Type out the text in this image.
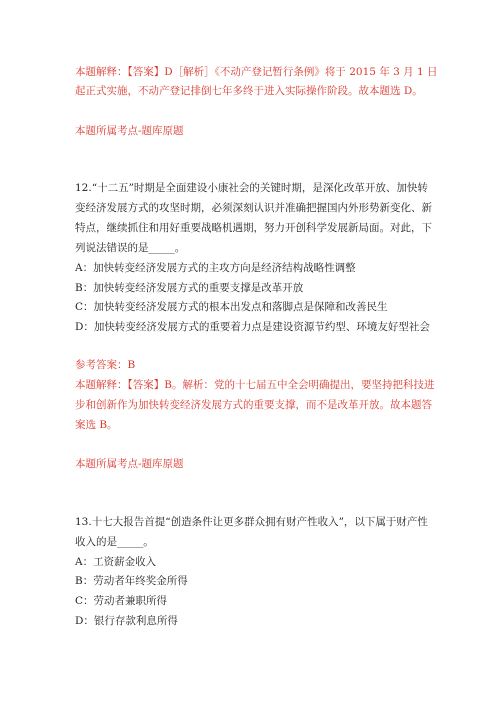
本题解释：【答案】D［解析］《不动产登记暂行条例》将于 2015 年 3 月 1 日
起正式实施，不动产登记排倒七年多终于进入实际操作阶段。故本题选 D。
本题所属考点-题库原题
12.“十二五”时期是全面建设小康社会的关键时期，是深化改革开放、加快转
变经济发展方式的攻坚时期，必须深刻认识并准确把握国内外形势新变化、新
特点，继续抓住和用好重要战略机遇期，努力开创科学发展新局面。对此，下
列说法错误的是_____。
A：加快转变经济发展方式的主攻方向是经济结构战略性调整
B：加快转变经济发展方式的重要支撑是改革开放
C：加快转变经济发展方式的根本出发点和落脚点是保障和改善民生
D：加快转变经济发展方式的重要着力点是建设资源节约型、环境友好型社会
参考答案：B
本题解释：【答案】B。解析：党的十七届五中全会明确提出，要坚持把科技进
步和创新作为加快转变经济发展方式的重要支撑，而不是改革开放。故本题答
案选 B。
本题所属考点-题库原题
13.十七大报告首提“创造条件让更多群众拥有财产性收入”，以下属于财产性
收入的是_____。
A：工资薪金收入
B：劳动者年终奖金所得
C：劳动者兼职所得
D：银行存款利息所得
